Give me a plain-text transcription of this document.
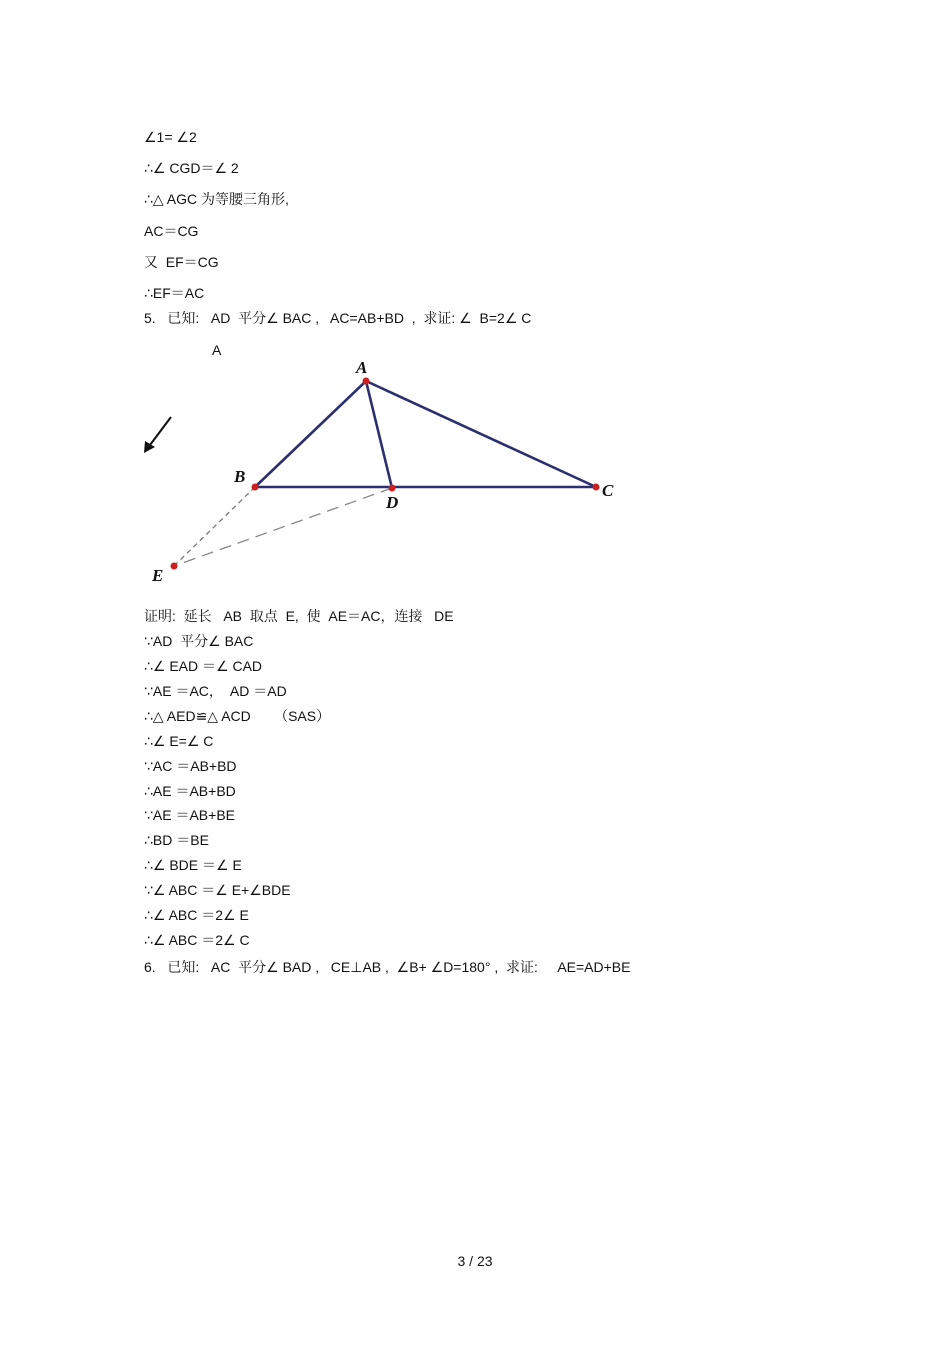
∠1= ∠2
∴∠ CGD＝∠ 2
∴△ AGC 为等腰三角形,
AC＝CG
又  EF＝CG
∴EF＝AC
5.   已知:   AD  平分∠ BAC ,   AC=AB+BD  ,  求证: ∠  B=2∠ C
A
A
B
C
D
E
证明:  延长   AB  取点  E,  使  AE＝AC，连接   DE
∵AD  平分∠ BAC
∴∠ EAD ＝∠ CAD
∵AE ＝AC，  AD ＝AD
∴△ AED≌△ ACD      （SAS）
∴∠ E=∠ C
∵AC ＝AB+BD
∴AE ＝AB+BD
∵AE ＝AB+BE
∴BD ＝BE
∴∠ BDE ＝∠ E
∵∠ ABC ＝∠ E+∠BDE
∴∠ ABC ＝2∠ E
∴∠ ABC ＝2∠ C
6.   已知:   AC  平分∠ BAD ,   CE⊥AB ,  ∠B+ ∠D=180° ,  求证:     AE=AD+BE
3 / 23
